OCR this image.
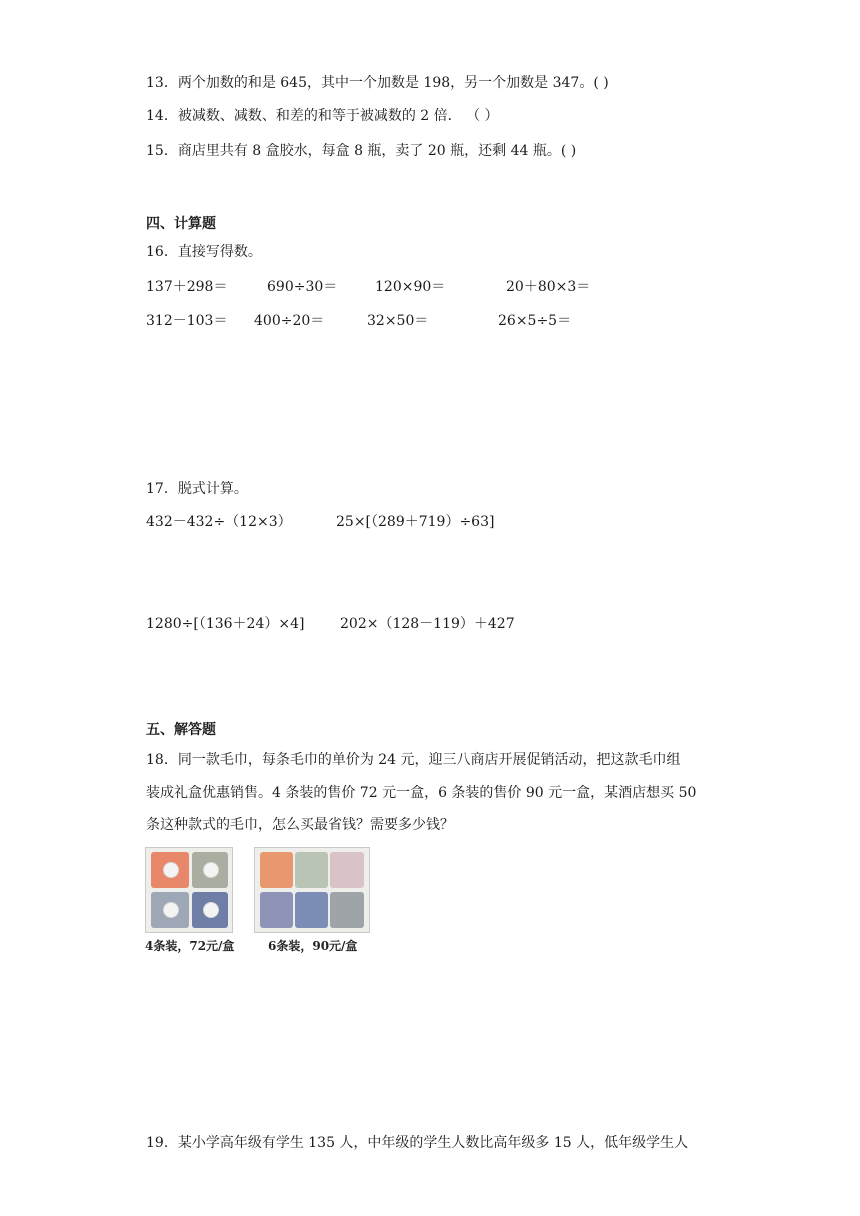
13．两个加数的和是 645，其中一个加数是 198，另一个加数是 347。( )
14．被减数、减数、和差的和等于被减数的 2 倍． （ ）
15．商店里共有 8 盒胶水，每盒 8 瓶，卖了 20 瓶，还剩 44 瓶。( )
四、计算题
16．直接写得数。
137＋298＝	690÷30＝	120×90＝	20＋80×3＝
312－103＝ 400÷20＝	32×50＝	26×5÷5＝
17．脱式计算。
432－432÷（12×3）	25×[（289＋719）÷63]
1280÷[（136＋24）×4]	202×（128－119）＋427
五、解答题
18．同一款毛巾，每条毛巾的单价为 24 元，迎三八商店开展促销活动，把这款毛巾组
装成礼盒优惠销售。4 条装的售价 72 元一盒，6 条装的售价 90 元一盒，某酒店想买 50
条这种款式的毛巾，怎么买最省钱？需要多少钱？
4条装，72元/盒	6条装，90元/盒
19．某小学高年级有学生 135 人，中年级的学生人数比高年级多 15 人，低年级学生人
